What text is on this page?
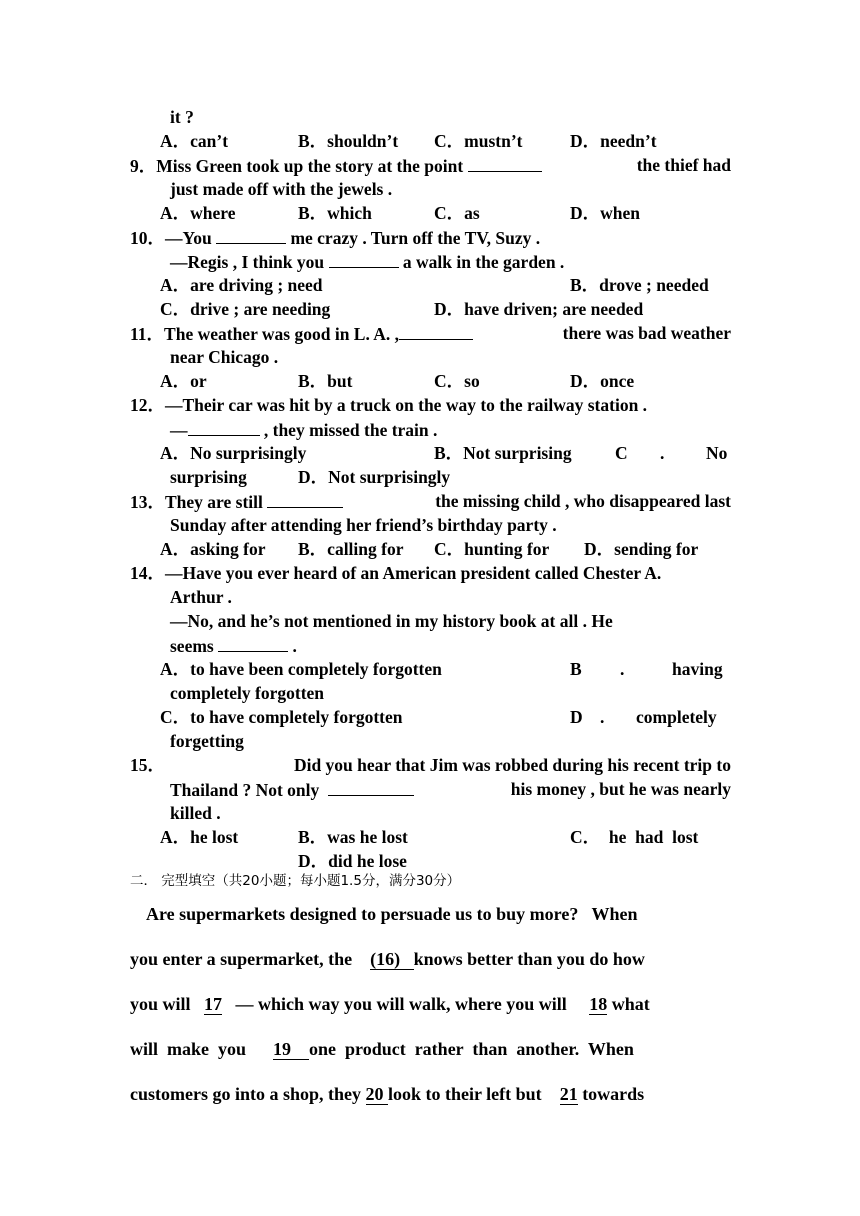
it ?
A．can’t	B．shouldn’t C．mustn’t	D．needn’t
9．Miss Green took up the story at the point	the thief had
just made off with the jewels .
A．where	B．which	C．as	D．when
10．—You	me crazy . Turn off the TV, Suzy .
—Regis , I think you	a walk in the garden .
A．are driving ; need	B．drove ; needed
C．drive ; are needing	D．have driven; are needed
11．The weather was good in L. A. ,	there was bad weather
near Chicago .
A．or	B．but	C．so	D．once
12．—Their car was hit by a truck on the way to the railway station .
—	, they missed the train .
A．No surprisingly	B．Not surprising C . No
surprising	D．Not surprisingly
13．They are still	the missing child , who disappeared last
Sunday after attending her friend’s birthday party .
A．asking for B．calling for C．hunting for D．sending for
14．—Have you ever heard of an American president called Chester A.
Arthur .
—No, and he’s not mentioned in my history book at all . He
seems	.
A．to have been completely forgotten	B .	having
completely forgotten
C．to have completely forgotten	D . completely
forgetting
15．	Did you hear that Jim was robbed during his recent trip to
Thailand ? Not only	his money , but he was nearly
killed .
A．he lost	B．was he lost	C．  he  had  lost
D．did he lose
二． 完型填空（共20小题；每小题1.5分，满分30分）
Are supermarkets designed to persuade us to buy more?   When
you enter a supermarket, the (16) knows better than you do how
you will 17 — which way you will walk, where you will 18 what
will  make  you 19 one  product  rather  than  another.  When
customers go into a shop, they 20 look to their left but 21 towards
